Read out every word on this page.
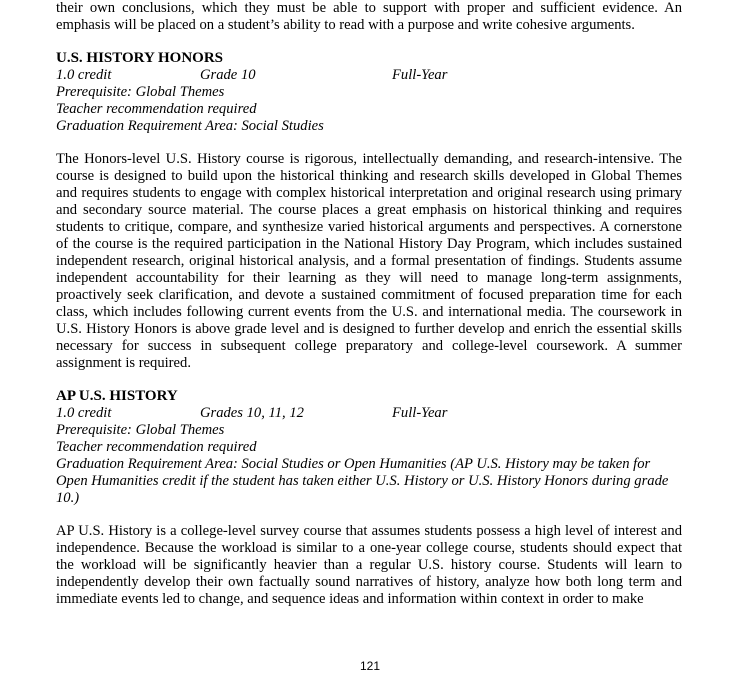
their own conclusions, which they must be able to support with proper and sufficient evidence. An emphasis will be placed on a student’s ability to read with a purpose and write cohesive arguments.

U.S. HISTORY HONORS
1.0 credit	Grade 10	Full-Year
Prerequisite: Global Themes
Teacher recommendation required
Graduation Requirement Area: Social Studies

The Honors-level U.S. History course is rigorous, intellectually demanding, and research-intensive. The course is designed to build upon the historical thinking and research skills developed in Global Themes and requires students to engage with complex historical interpretation and original research using primary and secondary source material. The course places a great emphasis on historical thinking and requires students to critique, compare, and synthesize varied historical arguments and perspectives. A cornerstone of the course is the required participation in the National History Day Program, which includes sustained independent research, original historical analysis, and a formal presentation of findings. Students assume independent accountability for their learning as they will need to manage long-term assignments, proactively seek clarification, and devote a sustained commitment of focused preparation time for each class, which includes following current events from the U.S. and international media. The coursework in U.S. History Honors is above grade level and is designed to further develop and enrich the essential skills necessary for success in subsequent college preparatory and college-level coursework. A summer assignment is required.

AP U.S. HISTORY
1.0 credit	Grades 10, 11, 12	Full-Year
Prerequisite: Global Themes
Teacher recommendation required
Graduation Requirement Area: Social Studies or Open Humanities (AP U.S. History may be taken for Open Humanities credit if the student has taken either U.S. History or U.S. History Honors during grade 10.)

AP U.S. History is a college-level survey course that assumes students possess a high level of interest and independence. Because the workload is similar to a one-year college course, students should expect that the workload will be significantly heavier than a regular U.S. history course. Students will learn to independently develop their own factually sound narratives of history, analyze how both long term and immediate events led to change, and sequence ideas and information within context in order to make

121
